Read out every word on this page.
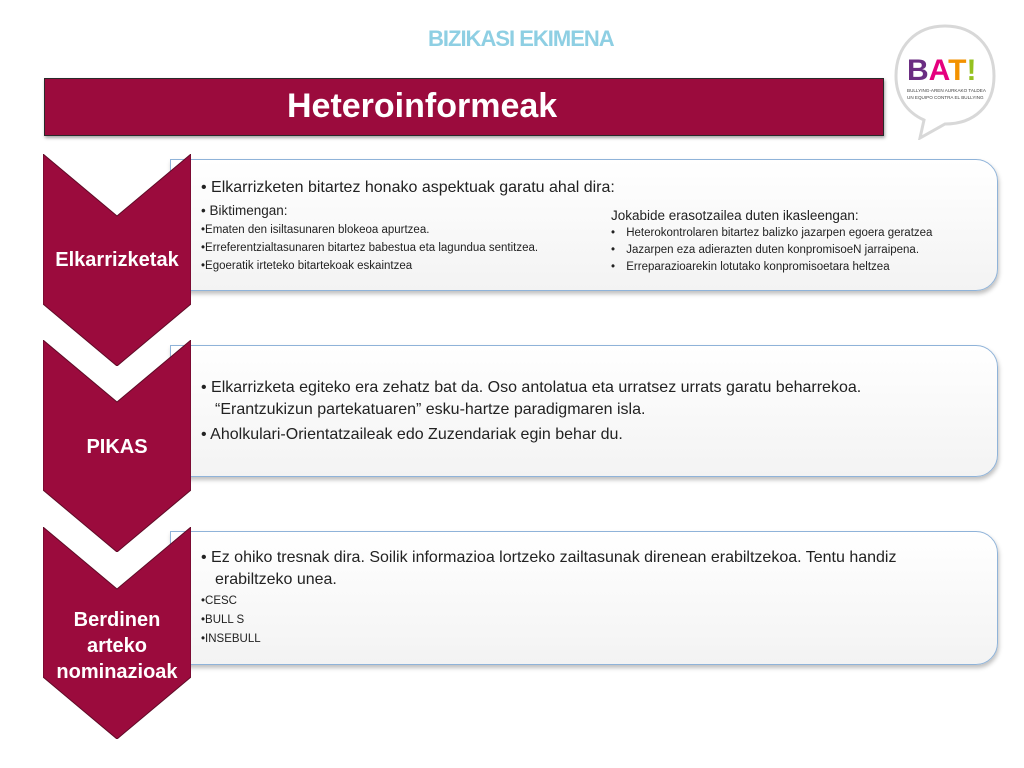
BIZIKASI EKIMENA
Heteroinformeak
BAT!
BULLYING-AREN AURKAKO TALDEA
UN EQUIPO CONTRA EL BULLYING
• Elkarrizketen bitartez honako aspektuak garatu ahal dira:
• Biktimengan:
•Ematen den isiltasunaren blokeoa apurtzea.
•Erreferentzialtasunaren bitartez babestua eta lagundua sentitzea.
•Egoeratik irteteko bitartekoak eskaintzea
Jokabide erasotzailea duten ikasleengan:
• Heterokontrolaren bitartez balizko jazarpen egoera geratzea
• Jazarpen eza adierazten duten konpromisoeN jarraipena.
• Erreparazioarekin lotutako konpromisoetara heltzea
• Elkarrizketa egiteko era zehatz bat da. Oso antolatua eta urratsez urrats garatu beharrekoa.
“Erantzukizun partekatuaren” esku-hartze paradigmaren isla.
• Aholkulari-Orientatzaileak edo Zuzendariak egin behar du.
• Ez ohiko tresnak dira. Soilik informazioa lortzeko zailtasunak direnean erabiltzekoa. Tentu handiz
erabiltzeko unea.
•CESC
•BULL S
•INSEBULL
Elkarrizketak
PIKAS
Berdinen
arteko
nominazioak
